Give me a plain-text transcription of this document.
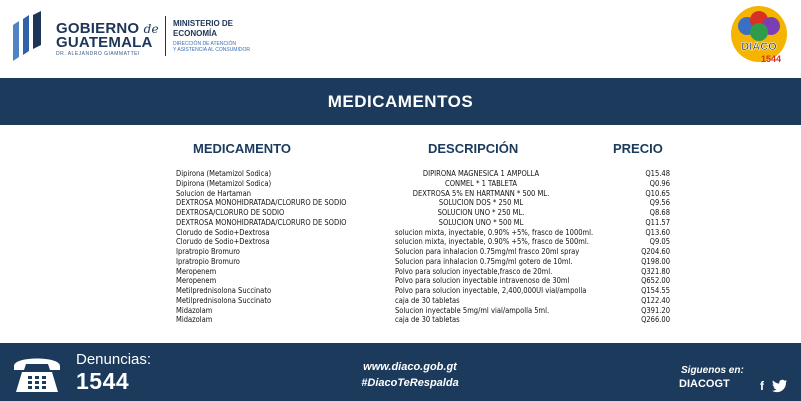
GOBIERNO de
GUATEMALA
DR. ALEJANDRO GIAMMATTEI
MINISTERIO DE
ECONOMÍA
DIRECCIÓN DE ATENCIÓN
Y ASISTENCIA AL CONSUMIDOR	DIACO
1544
MEDICAMENTOS
MEDICAMENTO	DESCRIPCIÓN	PRECIO
Dipirona (Metamizol Sodica)	DIPIRONA MAGNESICA 1 AMPOLLA	Q15.48
Dipirona (Metamizol Sodica)	CONMEL * 1 TABLETA	Q0.96
Solucion de Hartaman	DEXTROSA 5% EN HARTMANN * 500 ML.	Q10.65
DEXTROSA MONOHIDRATADA/CLORURO DE SODIO	SOLUCION DOS * 250 ML	Q9.56
DEXTROSA/CLORURO DE SODIO	SOLUCION UNO * 250 ML.	Q8.68
DEXTROSA MONOHIDRATADA/CLORURO DE SODIO	SOLUCION UNO * 500 ML	Q11.57
Clorudo de Sodio+Dextrosa	solucion mixta, inyectable, 0.90% +5%, frasco de 1000ml.	Q13.60
Clorudo de Sodio+Dextrosa	solucion mixta, inyectable, 0.90% +5%, frasco de 500ml.	Q9.05
Ipratropio Bromuro	Solucion para inhalacion 0.75mg/ml frasco 20ml spray	Q204.60
Ipratropio Bromuro	Solucion para inhalacion 0.75mg/ml gotero de 10ml.	Q198.00
Meropenem	Polvo para solucion inyectable,frasco de 20ml.	Q321.80
Meropenem	Polvo para solucion inyectable intravenoso de 30ml	Q652.00
Metilprednisolona Succinato	Polvo para solucion inyectable, 2,400,000UI vial/ampolla	Q154.55
Metilprednisolona Succinato	caja de 30 tabletas	Q122.40
Midazolam	Solucion inyectable 5mg/ml vial/ampolla 5ml.	Q391.20
Midazolam	caja de 30 tabletas	Q266.00
Denuncias:
1544
www.diaco.gob.gt
#DiacoTeRespalda
Siguenos en:
DIACOGT	f
